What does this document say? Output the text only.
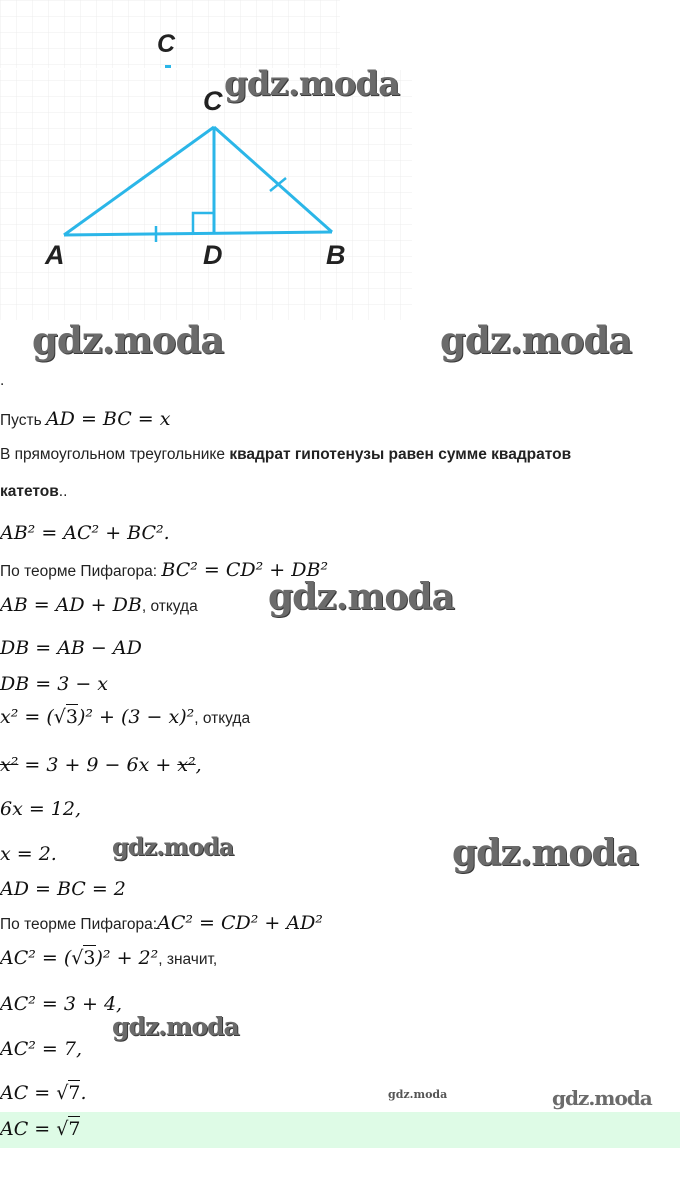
C
C
A	D	B
gdz.moda
gdz.moda	gdz.moda
gdz.moda
gdz.moda	gdz.moda
gdz.moda
gdz.moda	gdz.moda
.
Пусть AD = BC = x
В прямоугольном треугольнике квадрат гипотенузы равен сумме квадратов
катетов..
AB² = AC² + BC².
По теорме Пифагора: BC² = CD² + DB²
AB = AD + DB, откуда
DB = AB − AD
DB = 3 − x
x² = (√3)² + (3 − x)², откуда
x² = 3 + 9 − 6x + x²,
6x = 12,
x = 2.
AD = BC = 2
По теорме Пифагора:AC² = CD² + AD²
AC² = (√3)² + 2², значит,
AC² = 3 + 4,
AC² = 7,
AC = √7.
AC = √7
